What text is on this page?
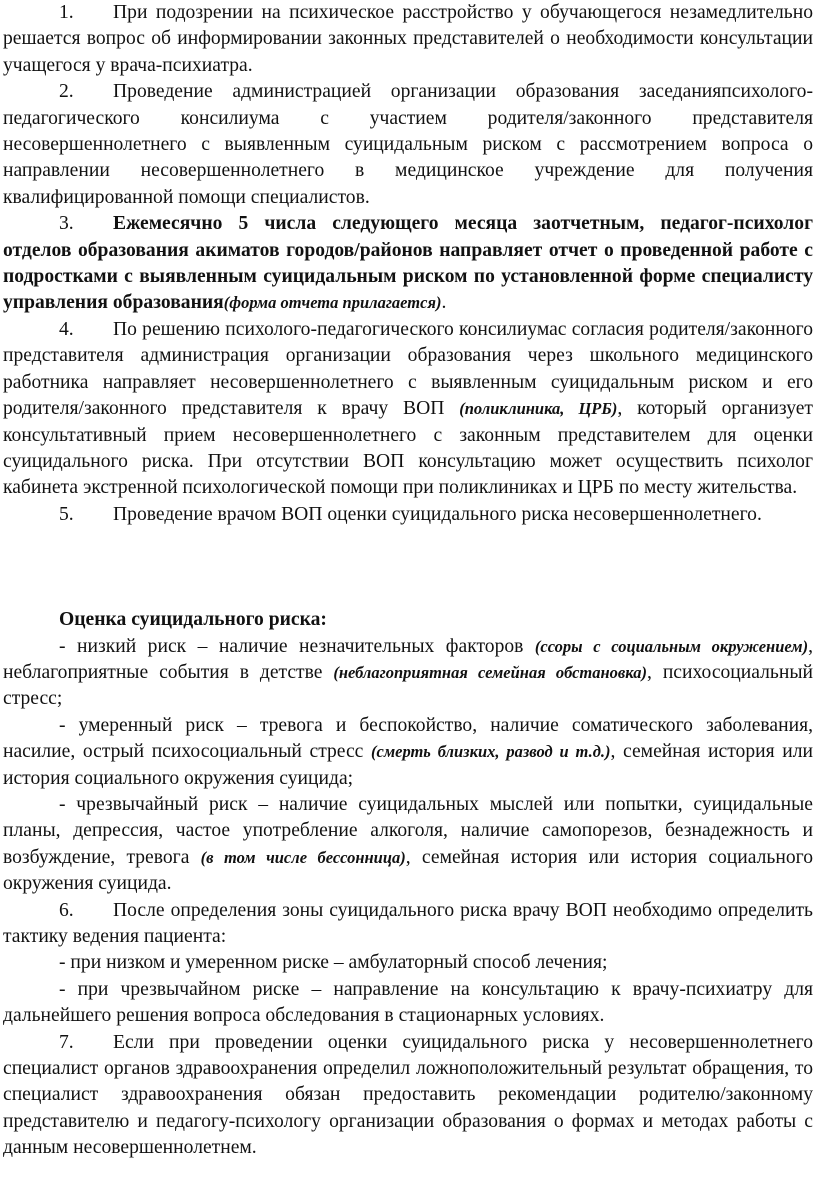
1. При подозрении на психическое расстройство у обучающегося незамедлительно решается вопрос об информировании законных представителей о необходимости консультации учащегося у врача-психиатра.

2. Проведение администрацией организации образования заседанияпсихолого-педагогического консилиума с участием родителя/законного представителя несовершеннолетнего с выявленным суицидальным риском с рассмотрением вопроса о направлении несовершеннолетнего в медицинское учреждение для получения квалифицированной помощи специалистов.

3. Ежемесячно 5 числа следующего месяца заотчетным, педагог-психолог отделов образования акиматов городов/районов направляет отчет о проведенной работе с подростками с выявленным суицидальным риском по установленной форме специалисту управления образования(форма отчета прилагается).

4. По решению психолого-педагогического консилиумас согласия родителя/законного представителя администрация организации образования через школьного медицинского работника направляет несовершеннолетнего с выявленным суицидальным риском и его родителя/законного представителя к врачу ВОП (поликлиника, ЦРБ), который организует консультативный прием несовершеннолетнего с законным представителем для оценки суицидального риска. При отсутствии ВОП консультацию может осуществить психолог кабинета экстренной психологической помощи при поликлиниках и ЦРБ по месту жительства.

5. Проведение врачом ВОП оценки суицидального риска несовершеннолетнего.

Оценка суицидального риска:

- низкий риск – наличие незначительных факторов (ссоры с социальным окружением), неблагоприятные события в детстве (неблагоприятная семейная обстановка), психосоциальный стресс;

- умеренный риск – тревога и беспокойство, наличие соматического заболевания, насилие, острый психосоциальный стресс (смерть близких, развод и т.д.), семейная история или история социального окружения суицида;

- чрезвычайный риск – наличие суицидальных мыслей или попытки, суицидальные планы, депрессия, частое употребление алкоголя, наличие самопорезов, безнадежность и возбуждение, тревога (в том числе бессонница), семейная история или история социального окружения суицида.

6. После определения зоны суицидального риска врачу ВОП необходимо определить тактику ведения пациента:

- при низком и умеренном риске – амбулаторный способ лечения;

- при чрезвычайном риске – направление на консультацию к врачу-психиатру для дальнейшего решения вопроса обследования в стационарных условиях.

7. Если при проведении оценки суицидального риска у несовершеннолетнего специалист органов здравоохранения определил ложноположительный результат обращения, то специалист здравоохранения обязан предоставить рекомендации родителю/законному представителю и педагогу-психологу организации образования о формах и методах работы с данным несовершеннолетнем.
